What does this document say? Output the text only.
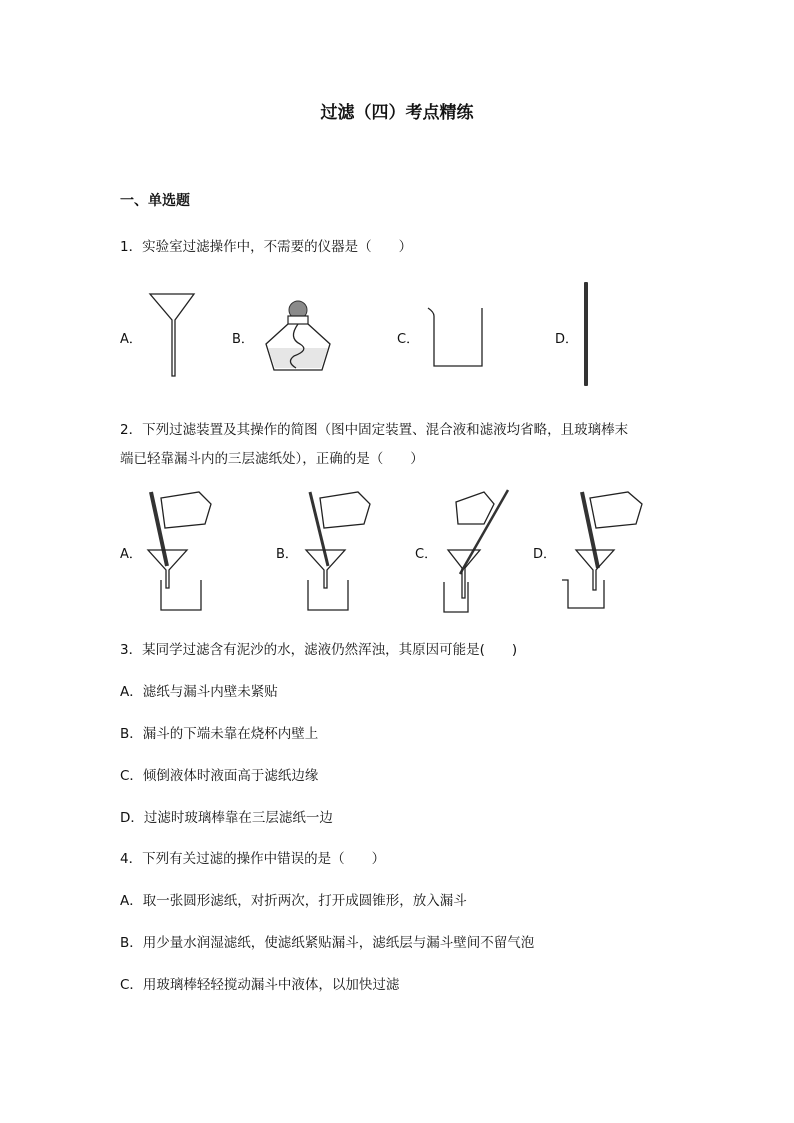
过滤（四）考点精练
一、单选题
1．实验室过滤操作中，不需要的仪器是（　　）
A．	B．	C．	D．
2．下列过滤装置及其操作的简图（图中固定装置、混合液和滤液均省略，且玻璃棒末
端已轻靠漏斗内的三层滤纸处），正确的是（　　）
A．	B．	C．	D．
3．某同学过滤含有泥沙的水，滤液仍然浑浊，其原因可能是(　　)
A．滤纸与漏斗内壁未紧贴
B．漏斗的下端未靠在烧杯内壁上
C．倾倒液体时液面高于滤纸边缘
D．过滤时玻璃棒靠在三层滤纸一边
4．下列有关过滤的操作中错误的是（　　）
A．取一张圆形滤纸，对折两次，打开成圆锥形，放入漏斗
B．用少量水润湿滤纸，使滤纸紧贴漏斗，滤纸层与漏斗壁间不留气泡
C．用玻璃棒轻轻搅动漏斗中液体，以加快过滤
